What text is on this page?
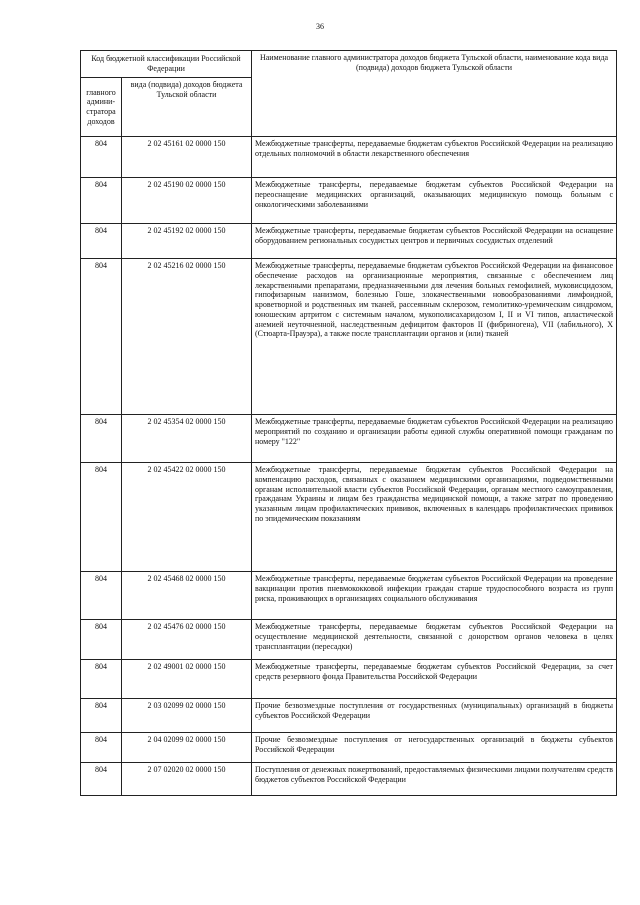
36
Код бюджетной классификации Российской Федерации		Наименование главного администратора доходов бюджета Тульской области, наименование кода вида (подвида) доходов бюджета Тульской области
главного админи-стратора доходов	вида (подвида) доходов бюджета Тульской области	
804	2 02 45161 02 0000 150	Межбюджетные трансферты, передаваемые бюджетам субъектов Российской Федерации на реализацию отдельных полномочий в области лекарственного обеспечения
804	2 02 45190 02 0000 150	Межбюджетные трансферты, передаваемые бюджетам субъектов Российской Федерации на переоснащение медицинских организаций, оказывающих медицинскую помощь больным с онкологическими заболеваниями
804	2 02 45192 02 0000 150	Межбюджетные трансферты, передаваемые бюджетам субъектов Российской Федерации на оснащение оборудованием региональных сосудистых центров и первичных сосудистых отделений
804	2 02 45216 02 0000 150	Межбюджетные трансферты, передаваемые бюджетам субъектов Российской Федерации на финансовое обеспечение расходов на организационные мероприятия, связанные с обеспечением лиц лекарственными препаратами, предназначенными для лечения больных гемофилией, муковисцидозом, гипофизарным нанизмом, болезнью Гоше, злокачественными новообразованиями лимфоидной, кроветворной и родственных им тканей, рассеянным склерозом, гемолитико-уремическим синдромом, юношеским артритом с системным началом, мукополисахаридозом I, II и VI типов, апластической анемией неуточненной, наследственным дефицитом факторов II (фибриногена), VII (лабильного), X (Стюарта-Прауэра), а также после трансплантации органов и (или) тканей
804	2 02 45354 02 0000 150	Межбюджетные трансферты, передаваемые бюджетам субъектов Российской Федерации на реализацию мероприятий по созданию и организации работы единой службы оперативной помощи гражданам по номеру "122"
804	2 02 45422 02 0000 150	Межбюджетные трансферты, передаваемые бюджетам субъектов Российской Федерации на компенсацию расходов, связанных с оказанием медицинскими организациями, подведомственными органам исполнительной власти субъектов Российской Федерации, органам местного самоуправления, гражданам Украины и лицам без гражданства медицинской помощи, а также затрат по проведению указанным лицам профилактических прививок, включенных в календарь профилактических прививок по эпидемическим показаниям
804	2 02 45468 02 0000 150	Межбюджетные трансферты, передаваемые бюджетам субъектов Российской Федерации на проведение вакцинации против пневмококковой инфекции граждан старше трудоспособного возраста из групп риска, проживающих в организациях социального обслуживания
804	2 02 45476 02 0000 150	Межбюджетные трансферты, передаваемые бюджетам субъектов Российской Федерации на осуществление медицинской деятельности, связанной с донорством органов человека в целях трансплантации (пересадки)
804	2 02 49001 02 0000 150	Межбюджетные трансферты, передаваемые бюджетам субъектов Российской Федерации, за счет средств резервного фонда Правительства Российской Федерации
804	2 03 02099 02 0000 150	Прочие безвозмездные поступления от государственных (муниципальных) организаций в бюджеты субъектов Российской Федерации
804	2 04 02099 02 0000 150	Прочие безвозмездные поступления от негосударственных организаций в бюджеты субъектов Российской Федерации
804	2 07 02020 02 0000 150	Поступления от денежных пожертвований, предоставляемых физическими лицами получателям средств бюджетов субъектов Российской Федерации
